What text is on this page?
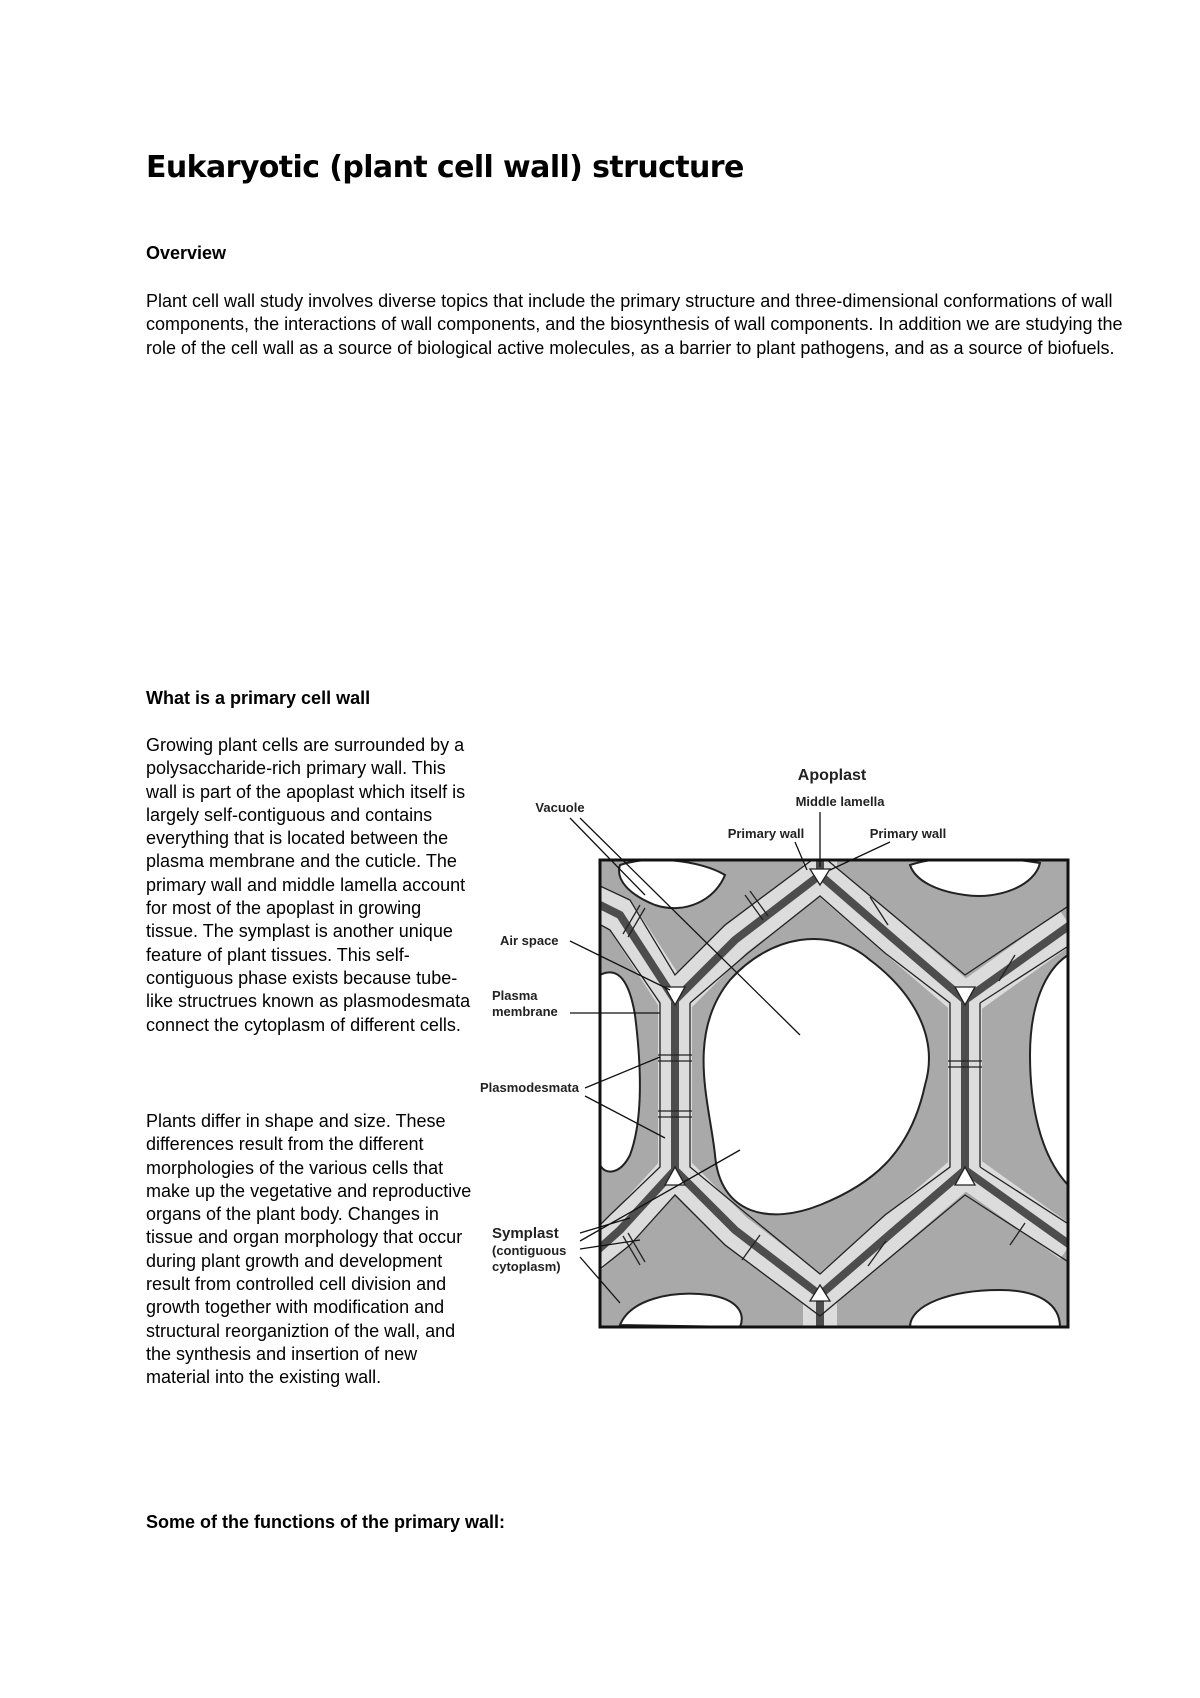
Eukaryotic (plant cell wall) structure
Overview

Plant cell wall study involves diverse topics that include the primary structure and three-dimensional conformations of wall components, the interactions of wall components, and the biosynthesis of wall components. In addition we are studying the role of the cell wall as a source of biological active molecules, as a barrier to plant pathogens, and as a source of biofuels.

What is a primary cell wall

Growing plant cells are surrounded by a polysaccharide-rich primary wall. This wall is part of the apoplast which itself is largely self-contiguous and contains everything that is located between the plasma membrane and the cuticle. The primary wall and middle lamella account for most of the apoplast in growing tissue. The symplast is another unique feature of plant tissues. This self-contiguous phase exists because tube-like structrues known as plasmodesmata connect the cytoplasm of different cells.

Plants differ in shape and size. These differences result from the different morphologies of the various cells that make up the vegetative and reproductive organs of the plant body. Changes in tissue and organ morphology that occur during plant growth and development result from controlled cell division and growth together with modification and structural reorganiztion of the wall, and the synthesis and insertion of new material into the existing wall.

Apoplast
Middle lamella
Primary wall	Primary wall
Vacuole
Air space
Plasma
membrane
Plasmodesmata
Symplast
(contiguous
cytoplasm)
Some of the functions of the primary wall:
